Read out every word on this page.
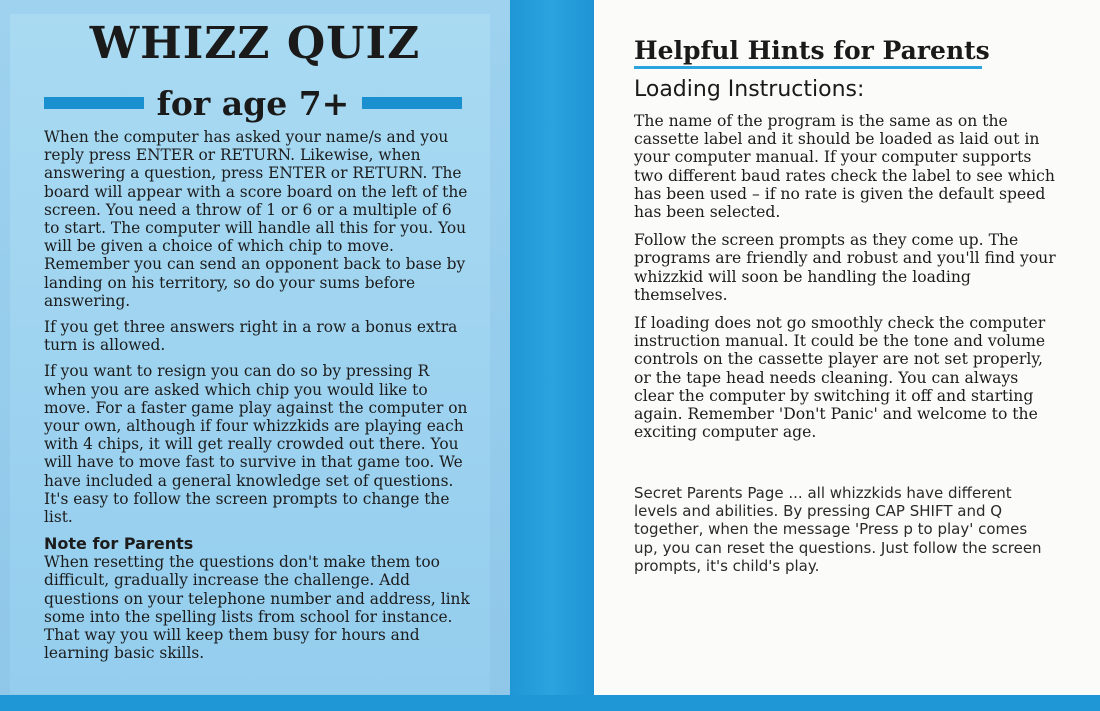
WHIZZ QUIZ
for age 7+

When the computer has asked your name/s and you reply press ENTER or RETURN. Likewise, when answering a question, press ENTER or RETURN. The board will appear with a score board on the left of the screen. You need a throw of 1 or 6 or a multiple of 6 to start. The computer will handle all this for you. You will be given a choice of which chip to move. Remember you can send an opponent back to base by landing on his territory, so do your sums before answering.

If you get three answers right in a row a bonus extra turn is allowed.

If you want to resign you can do so by pressing R when you are asked which chip you would like to move. For a faster game play against the computer on your own, although if four whizzkids are playing each with 4 chips, it will get really crowded out there. You will have to move fast to survive in that game too. We have included a general knowledge set of questions. It's easy to follow the screen prompts to change the list.

Note for Parents

When resetting the questions don't make them too difficult, gradually increase the challenge. Add questions on your telephone number and address, link some into the spelling lists from school for instance. That way you will keep them busy for hours and learning basic skills.

Helpful Hints for Parents
Loading Instructions:

The name of the program is the same as on the cassette label and it should be loaded as laid out in your computer manual. If your computer supports two different baud rates check the label to see which has been used – if no rate is given the default speed has been selected.

Follow the screen prompts as they come up. The programs are friendly and robust and you'll find your whizzkid will soon be handling the loading themselves.

If loading does not go smoothly check the computer instruction manual. It could be the tone and volume controls on the cassette player are not set properly, or the tape head needs cleaning. You can always clear the computer by switching it off and starting again. Remember 'Don't Panic' and welcome to the exciting computer age.

Secret Parents Page ... all whizzkids have different levels and abilities. By pressing CAP SHIFT and Q together, when the message 'Press p to play' comes up, you can reset the questions. Just follow the screen prompts, it's child's play.
